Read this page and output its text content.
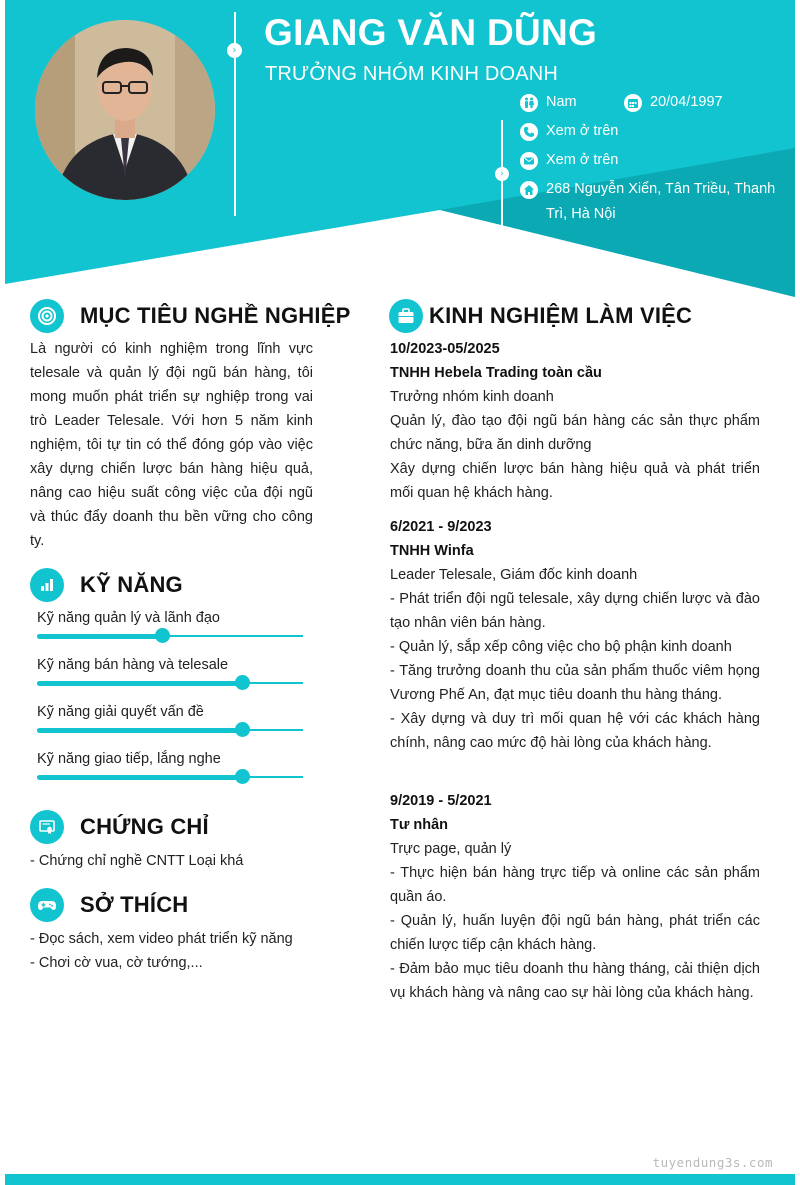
› GIANG VĂN DŨNG
TRƯỞNG NHÓM KINH DOANH
Nam	20/04/1997
›
Xem ở trên
Xem ở trên
268 Nguyễn Xiển, Tân Triều, Thanh Trì, Hà Nội
MỤC TIÊU NGHỀ NGHIỆP
Là người có kinh nghiệm trong lĩnh vực telesale và quản lý đội ngũ bán hàng, tôi mong muốn phát triển sự nghiệp trong vai trò Leader Telesale. Với hơn 5 năm kinh nghiệm, tôi tự tin có thể đóng góp vào việc xây dựng chiến lược bán hàng hiệu quả, nâng cao hiệu suất công việc của đội ngũ và thúc đẩy doanh thu bền vững cho công ty.
KỸ NĂNG
Kỹ năng quản lý và lãnh đạo
Kỹ năng bán hàng và telesale
Kỹ năng giải quyết vấn đề
Kỹ năng giao tiếp, lắng nghe
CHỨNG CHỈ
- Chứng chỉ nghề CNTT Loại khá
SỞ THÍCH
- Đọc sách, xem video phát triển kỹ năng
- Chơi cờ vua, cờ tướng,...
KINH NGHIỆM LÀM VIỆC
10/2023-05/2025
TNHH Hebela Trading toàn cầu
Trưởng nhóm kinh doanh
Quản lý, đào tạo đội ngũ bán hàng các sản thực phẩm chức năng, bữa ăn dinh dưỡng
Xây dựng chiến lược bán hàng hiệu quả và phát triển mối quan hệ khách hàng.
6/2021 - 9/2023
TNHH Winfa
Leader Telesale, Giám đốc kinh doanh
- Phát triển đội ngũ telesale, xây dựng chiến lược và đào tạo nhân viên bán hàng.
- Quản lý, sắp xếp công việc cho bộ phận kinh doanh
- Tăng trưởng doanh thu của sản phẩm thuốc viêm họng Vương Phế An, đạt mục tiêu doanh thu hàng tháng.
- Xây dựng và duy trì mối quan hệ với các khách hàng chính, nâng cao mức độ hài lòng của khách hàng.
9/2019 - 5/2021
Tư nhân
Trực page, quản lý
- Thực hiện bán hàng trực tiếp và online các sản phẩm quần áo.
- Quản lý, huấn luyện đội ngũ bán hàng, phát triển các chiến lược tiếp cận khách hàng.
- Đảm bảo mục tiêu doanh thu hàng tháng, cải thiện dịch vụ khách hàng và nâng cao sự hài lòng của khách hàng.
tuyendung3s.com
